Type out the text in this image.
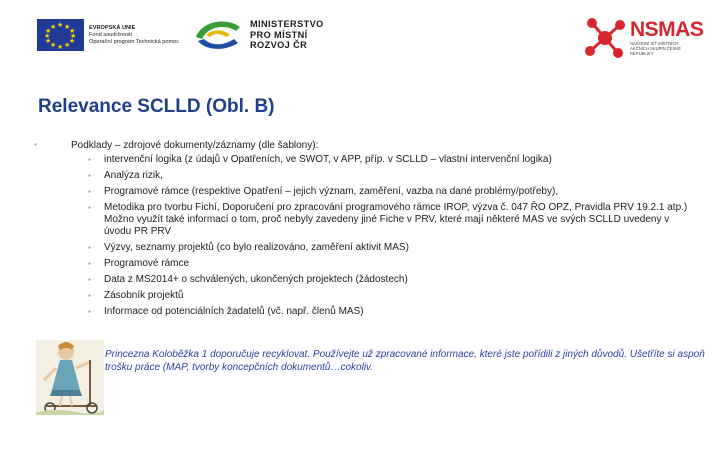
★ ★
★
★
★
★
★
★
★
★
★
★	EVROPSKÁ UNIE
Fond soudržnosti
Operační program Technická pomoc
MINISTERSTVO
PRO MÍSTNÍ
ROZVOJ ČR
NSMAS
NÁRODNÍ SÍŤ MÍSTNÍCH AKČNÍCH SKUPIN ČESKÉ REPUBLIKY
Relevance SCLLD (Obl. B)
▪	Podklady – zdrojové dokumenty/záznamy (dle šablony):
▪ intervenční logika (z údajů v Opatřeních, ve SWOT, v APP, příp. v SCLLD – vlastní intervenční logika)
▪ Analýza rizik,
▪ Programové rámce (respektive Opatření – jejich význam, zaměření, vazba na dané problémy/potřeby),
▪ Metodika pro tvorbu Fichí, Doporučení pro zpracování programového rámce IROP, výzva č. 047 ŘO OPZ, Pravidla PRV 19.2.1 atp.) Možno využít také informací o tom, proč nebyly zavedeny jiné Fiche v PRV, které mají některé MAS ve svých SCLLD uvedeny v úvodu PR PRV
▪ Výzvy, seznamy projektů (co bylo realizováno, zaměření aktivit MAS)
▪ Programové rámce
▪ Data z MS2014+ o schválených, ukončených projektech (žádostech)
▪ Zásobník projektů
▪ Informace od potenciálních žadatelů (vč. např. členů MAS)
Princezna Koloběžka 1 doporučuje recyklovat. Používejte už zpracované informace, které jste pořídili z jiných důvodů. Ušetříte si aspoň trošku práce (MAP, tvorby koncepčních dokumentů…cokoliv.
